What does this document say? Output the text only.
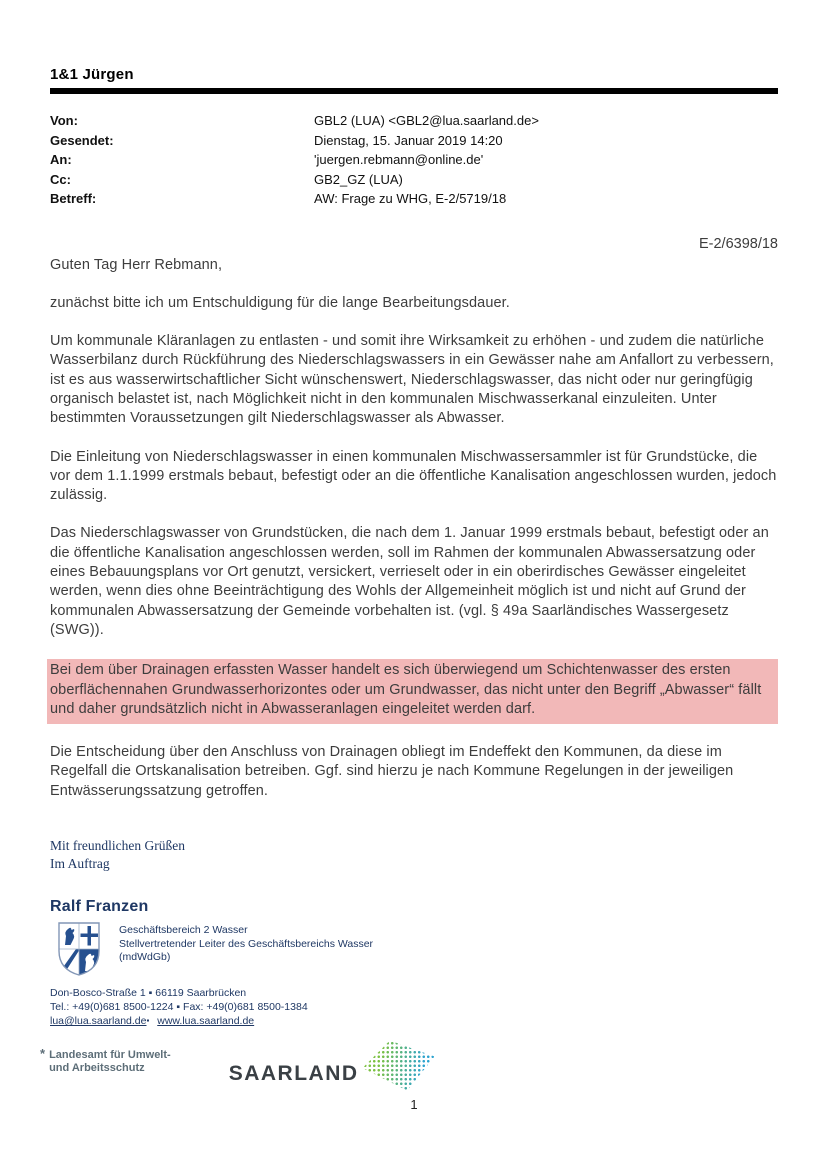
1&1 Jürgen
Von:	GBL2 (LUA) <GBL2@lua.saarland.de>
Gesendet:	Dienstag, 15. Januar 2019 14:20
An:	'juergen.rebmann@online.de'
Cc:	GB2_GZ (LUA)
Betreff:	AW: Frage zu WHG, E-2/5719/18
E-2/6398/18

Guten Tag Herr Rebmann,

zunächst bitte ich um Entschuldigung für die lange Bearbeitungsdauer.

Um kommunale Kläranlagen zu entlasten - und somit ihre Wirksamkeit zu erhöhen - und zudem die natürliche Wasserbilanz durch Rückführung des Niederschlagswassers in ein Gewässer nahe am Anfallort zu verbessern, ist es aus wasserwirtschaftlicher Sicht wünschenswert, Niederschlagswasser, das nicht oder nur geringfügig organisch belastet ist, nach Möglichkeit nicht in den kommunalen Mischwasserkanal einzuleiten. Unter bestimmten Voraussetzungen gilt Niederschlagswasser als Abwasser.

Die Einleitung von Niederschlagswasser in einen kommunalen Mischwassersammler ist für Grundstücke, die vor dem 1.1.1999 erstmals bebaut, befestigt oder an die öffentliche Kanalisation angeschlossen wurden, jedoch zulässig.

Das Niederschlagswasser von Grundstücken, die nach dem 1. Januar 1999 erstmals bebaut, befestigt oder an die öffentliche Kanalisation angeschlossen werden, soll im Rahmen der kommunalen Abwassersatzung oder eines Bebauungsplans vor Ort genutzt, versickert, verrieselt oder in ein oberirdisches Gewässer eingeleitet werden, wenn dies ohne Beeinträchtigung des Wohls der Allgemeinheit möglich ist und nicht auf Grund der kommunalen Abwassersatzung der Gemeinde vorbehalten ist. (vgl. § 49a Saarländisches Wassergesetz (SWG)).

Bei dem über Drainagen erfassten Wasser handelt es sich überwiegend um Schichtenwasser des ersten oberflächennahen Grundwasserhorizontes oder um Grundwasser, das nicht unter den Begriff „Abwasser“ fällt und daher grundsätzlich nicht in Abwasseranlagen eingeleitet werden darf.

Die Entscheidung über den Anschluss von Drainagen obliegt im Endeffekt den Kommunen, da diese im Regelfall die Ortskanalisation betreiben. Ggf. sind hierzu je nach Kommune Regelungen in der jeweiligen Entwässerungssatzung getroffen.

Mit freundlichen Grüßen
Im Auftrag
Ralf Franzen
Geschäftsbereich 2 Wasser
Stellvertretender Leiter des Geschäftsbereichs Wasser
(mdWdGb)
Don-Bosco-Straße 1 ▪ 66119 Saarbrücken
Tel.: +49(0)681 8500-1224 ▪ Fax: +49(0)681 8500-1384
lua@lua.saarland.de▪ www.lua.saarland.de
* Landesamt für Umwelt-
und Arbeitsschutz	SAARLAND
1
